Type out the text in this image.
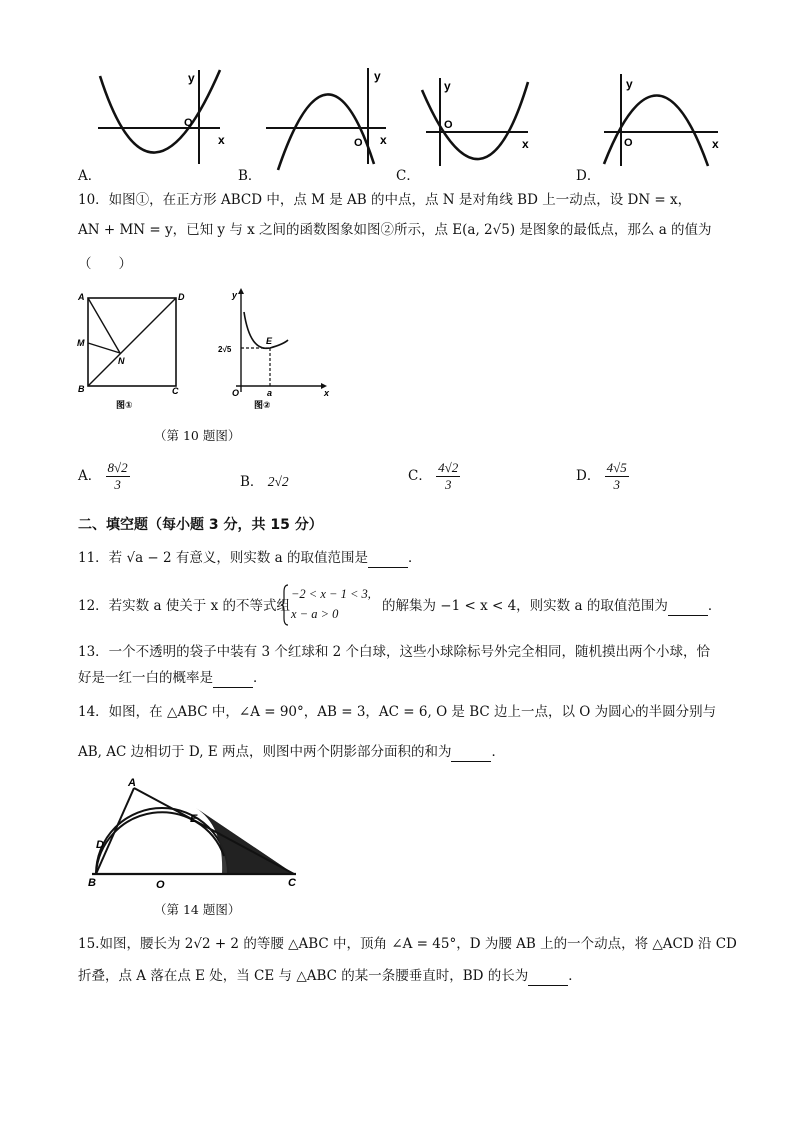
y
x
O
y
x
O
y
x
O
y
x
O
A．	B．	C．	D．
10．如图①，在正方形 ABCD 中，点 M 是 AB 的中点，点 N 是对角线 BD 上一动点，设 DN = x，
AN + MN = y，已知 y 与 x 之间的函数图象如图②所示，点 E(a, 2√5) 是图象的最低点，那么 a 的值为
（　　）
A	D
M
N
B	C
图①
y
x
O
E
a
2√5
图②
（第 10 题图）
A． $\frac{8√2}{3}$	B． 2√2	C． $\frac{4√2}{3}$	D． $\frac{4√5}{3}$
二、填空题（每小题 3 分，共 15 分）
11．若 √a − 2 有意义，则实数 a 的取值范围是	．
12．若实数 a 使关于 x 的不等式组
−2 < x − 1 < 3,
x − a > 0	的解集为 −1 < x < 4，则实数 a 的取值范围为	．
13．一个不透明的袋子中装有 3 个红球和 2 个白球，这些小球除标号外完全相同，随机摸出两个小球，恰
好是一红一白的概率是	．
14．如图，在 △ABC 中，∠A = 90°，AB = 3，AC = 6, O 是 BC 边上一点，以 O 为圆心的半圆分别与
AB, AC 边相切于 D, E 两点，则图中两个阴影部分面积的和为	．
A
B	C
D
E
O
（第 14 题图）
15.如图，腰长为 2√2 + 2 的等腰 △ABC 中，顶角 ∠A = 45°，D 为腰 AB 上的一个动点，将 △ACD 沿 CD
折叠，点 A 落在点 E 处，当 CE 与 △ABC 的某一条腰垂直时，BD 的长为	．
